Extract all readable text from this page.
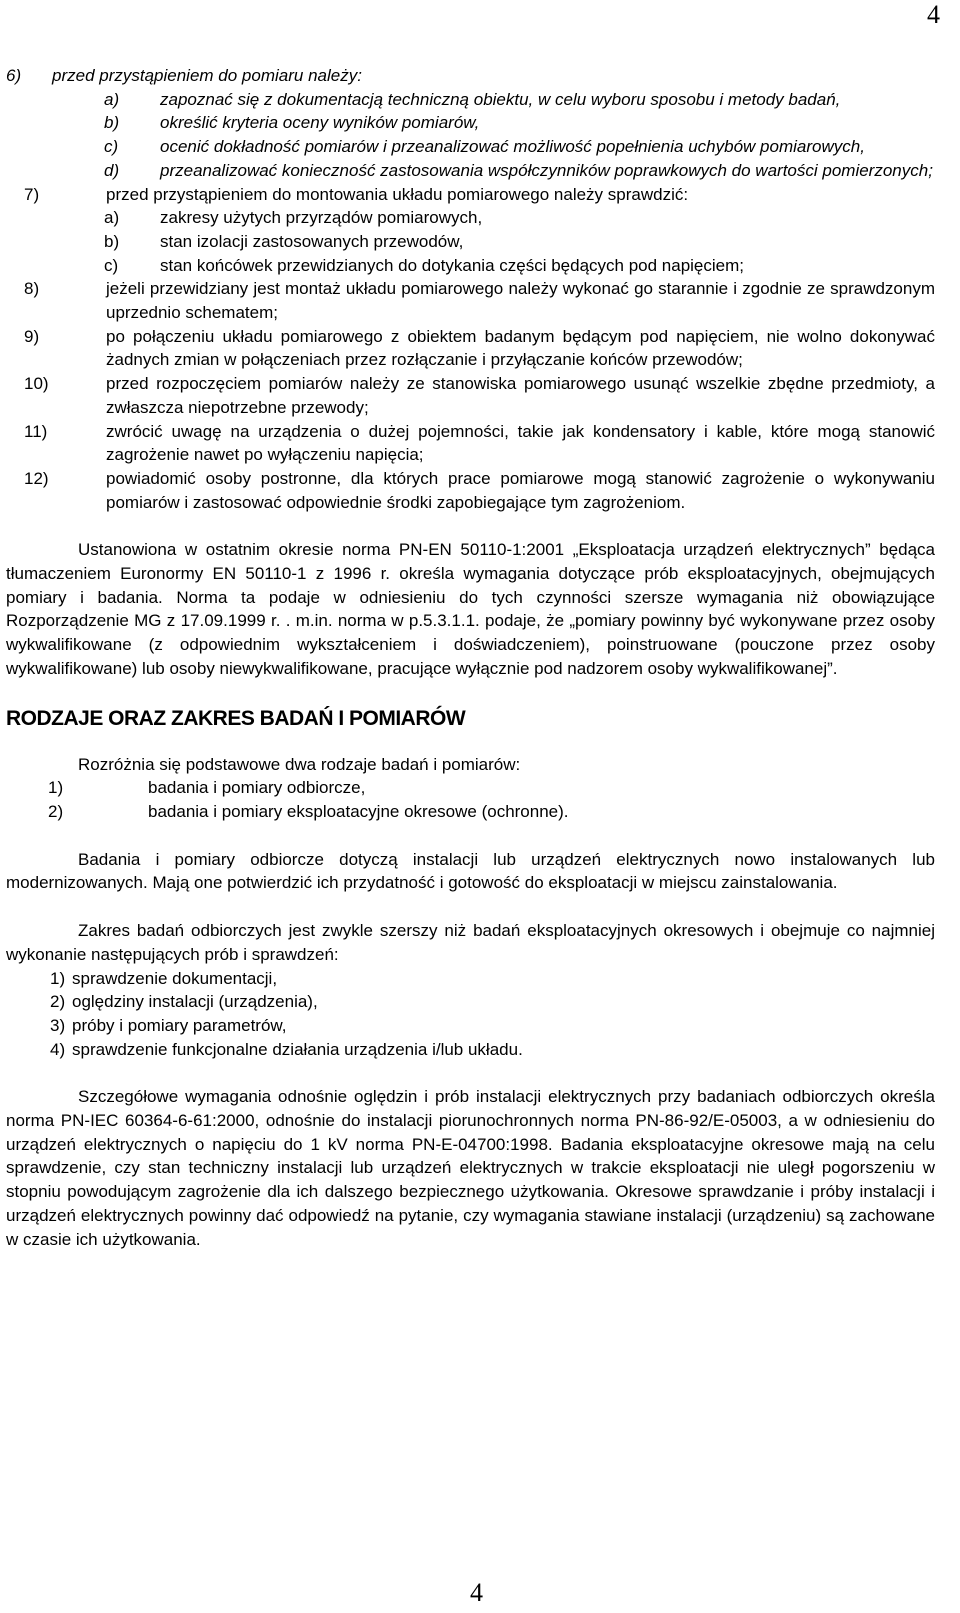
4

6) przed przystąpieniem do pomiaru należy:

a) zapoznać się z dokumentacją techniczną obiektu, w celu wyboru sposobu i metody badań,

b) określić kryteria oceny wyników pomiarów,

c) ocenić dokładność pomiarów i przeanalizować możliwość popełnienia uchybów pomiarowych,

d) przeanalizować konieczność zastosowania współczynników poprawkowych do wartości pomierzonych;

7)	przed przystąpieniem do montowania układu pomiarowego należy sprawdzić:

a) zakresy użytych przyrządów pomiarowych,

b) stan izolacji zastosowanych przewodów,

c) stan końcówek przewidzianych do dotykania części będących pod napięciem;

8)	jeżeli przewidziany jest montaż układu pomiarowego należy wykonać go starannie i zgodnie ze sprawdzonym uprzednio schematem;

9)	po połączeniu układu pomiarowego z obiektem badanym będącym pod napięciem, nie wolno dokonywać żadnych zmian w połączeniach przez rozłączanie i przyłączanie końców przewodów;

10)	przed rozpoczęciem pomiarów należy ze stanowiska pomiarowego usunąć wszelkie zbędne przedmioty, a zwłaszcza niepotrzebne przewody;

11)	zwrócić uwagę na urządzenia o dużej pojemności, takie jak kondensatory i kable, które mogą stanowić zagrożenie nawet po wyłączeniu napięcia;

12)	powiadomić osoby postronne, dla których prace pomiarowe mogą stanowić zagrożenie o wykonywaniu pomiarów i zastosować odpowiednie środki zapobiegające tym zagrożeniom.

Ustanowiona w ostatnim okresie norma PN-EN 50110-1:2001 „Eksploatacja urządzeń elektrycznych” będąca tłumaczeniem Euronormy EN 50110-1 z 1996 r. określa wymagania dotyczące prób eksploatacyjnych, obejmujących pomiary i badania. Norma ta podaje w odniesieniu do tych czynności szersze wymagania niż obowiązujące Rozporządzenie MG z 17.09.1999 r. . m.in. norma w p.5.3.1.1. podaje, że „pomiary powinny być wykonywane przez osoby wykwalifikowane (z odpowiednim wykształceniem i doświadczeniem), poinstruowane (pouczone przez osoby wykwalifikowane) lub osoby niewykwalifikowane, pracujące wyłącznie pod nadzorem osoby wykwalifikowanej”.

RODZAJE ORAZ ZAKRES BADAŃ I POMIARÓW

Rozróżnia się podstawowe dwa rodzaje badań i pomiarów:

1)	badania i pomiary odbiorcze,

2)	badania i pomiary eksploatacyjne okresowe (ochronne).

Badania i pomiary odbiorcze dotyczą instalacji lub urządzeń elektrycznych nowo instalowanych lub modernizowanych. Mają one potwierdzić ich przydatność i gotowość do eksploatacji w miejscu zainstalowania.

Zakres badań odbiorczych jest zwykle szerszy niż badań eksploatacyjnych okresowych i obejmuje co najmniej wykonanie następujących prób i sprawdzeń:

1) sprawdzenie dokumentacji,

2) oględziny instalacji (urządzenia),

3) próby i pomiary parametrów,

4) sprawdzenie funkcjonalne działania urządzenia i/lub układu.

Szczegółowe wymagania odnośnie oględzin i prób instalacji elektrycznych przy badaniach odbiorczych określa norma PN-IEC 60364-6-61:2000, odnośnie do instalacji piorunochronnych norma PN-86-92/E-05003, a w odniesieniu do urządzeń elektrycznych o napięciu do 1 kV norma PN-E-04700:1998. Badania eksploatacyjne okresowe mają na celu sprawdzenie, czy stan techniczny instalacji lub urządzeń elektrycznych w trakcie eksploatacji nie uległ pogorszeniu w stopniu powodującym zagrożenie dla ich dalszego bezpiecznego użytkowania. Okresowe sprawdzanie i próby instalacji i urządzeń elektrycznych powinny dać odpowiedź na pytanie, czy wymagania stawiane instalacji (urządzeniu) są zachowane w czasie ich użytkowania.

4
